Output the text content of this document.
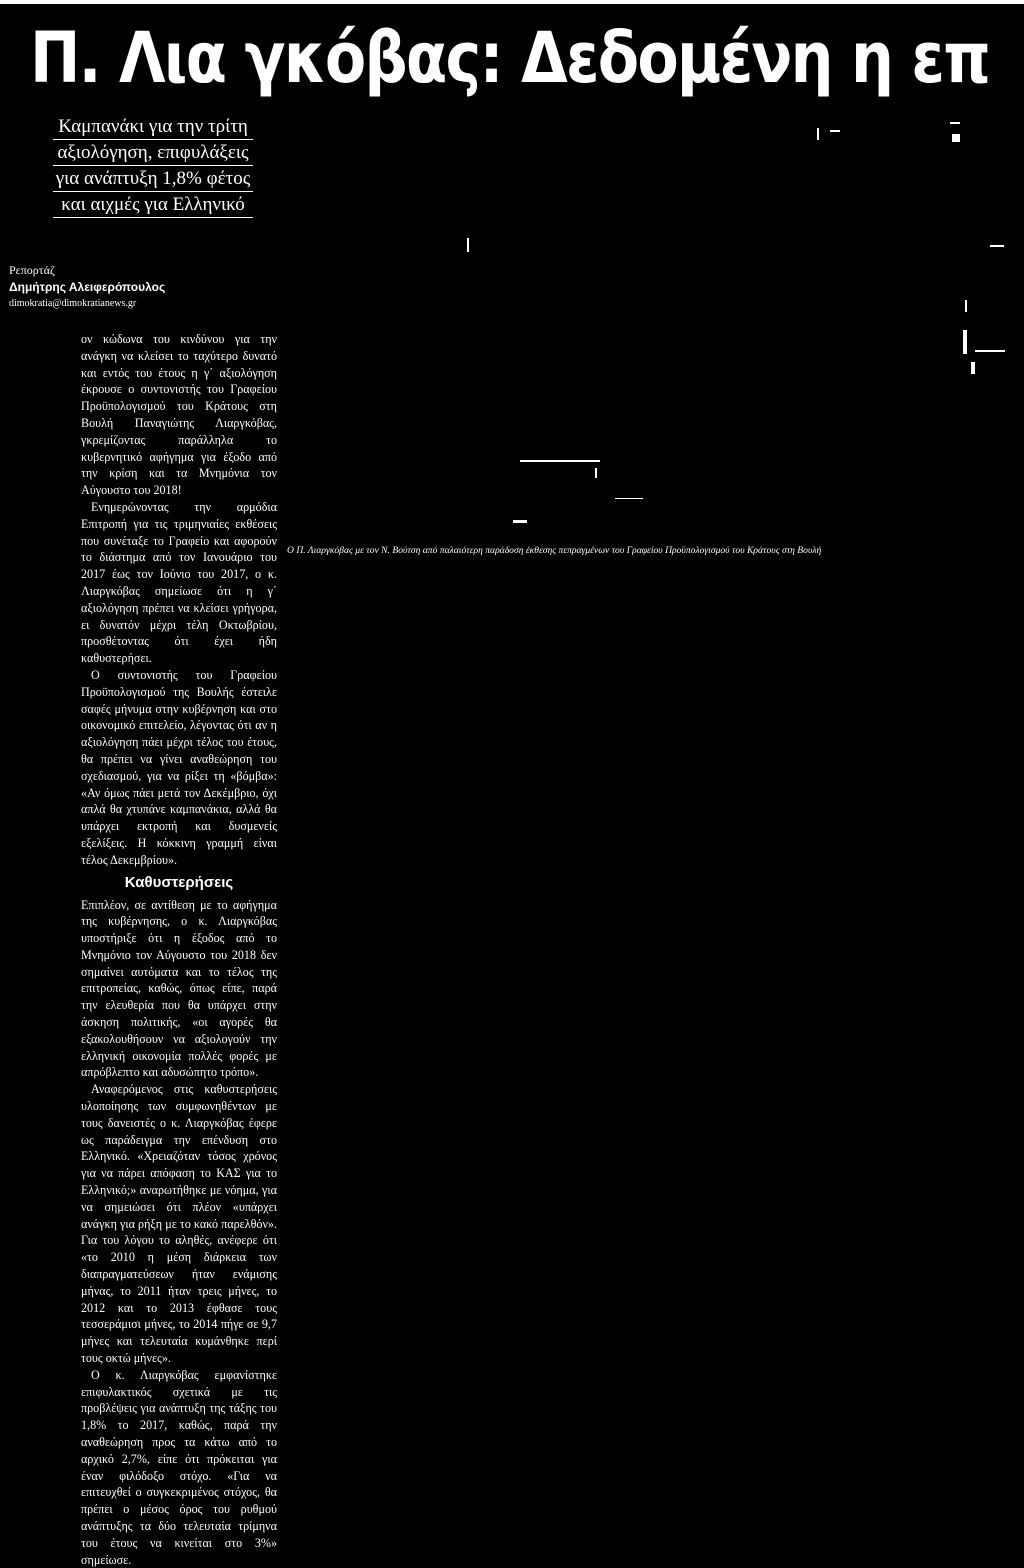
Π. Λια γκόβας: Δεδομένη η επ
Καμπανάκι για την τρίτη
αξιολόγηση, επιφυλάξεις
για ανάπτυξη 1,8% φέτος
και αιχμές για Ελληνικό
Ρεπορτάζ
Δημήτρης Αλειφερόπουλος
dimokratia@dimokratianews.gr

ον κώδωνα του κινδύνου για την ανάγκη να κλείσει το ταχύτερο δυνατό και εντός του έτους η γ΄ αξιολόγηση έκρουσε ο συντονιστής του Γραφείου Προϋπολογισμού του Κράτους στη Βουλή Παναγιώτης Λιαργκόβας, γκρεμίζοντας παράλληλα το κυβερνητικό αφήγημα για έξοδο από την κρίση και τα Μνημόνια τον Αύγουστο του 2018!

Ενημερώνοντας την αρμόδια Επιτροπή για τις τριμηνιαίες εκθέσεις που συνέταξε το Γραφείο και αφορούν το διάστημα από τον Ιανουάριο του 2017 έως τον Ιούνιο του 2017, ο κ. Λιαργκόβας σημείωσε ότι η γ΄ αξιολόγηση πρέπει να κλείσει γρήγορα, ει δυνατόν μέχρι τέλη Οκτωβρίου, προσθέτοντας ότι έχει ήδη καθυστερήσει.

Ο συντονιστής του Γραφείου Προϋπολογισμού της Βουλής έστειλε σαφές μήνυμα στην κυβέρνηση και στο οικονομικό επιτελείο, λέγοντας ότι αν η αξιολόγηση πάει μέχρι τέλος του έτους, θα πρέπει να γίνει αναθεώρηση του σχεδιασμού, για να ρίξει τη «βόμβα»: «Αν όμως πάει μετά τον Δεκέμβριο, όχι απλά θα χτυπάνε καμπανάκια, αλλά θα υπάρχει εκτροπή και δυσμενείς εξελίξεις. Η κόκκινη γραμμή είναι τέλος Δεκεμβρίου».

Καθυστερήσεις

Επιπλέον, σε αντίθεση με το αφήγημα της κυβέρνησης, ο κ. Λιαργκόβας υποστήριξε ότι η έξοδος από το Μνημόνιο τον Αύγουστο του 2018 δεν σημαίνει αυτόματα και το τέλος της επιτροπείας, καθώς, όπως είπε, παρά την ελευθερία που θα υπάρχει στην άσκηση πολιτικής, «οι αγορές θα εξακολουθήσουν να αξιολογούν την ελληνική οικονομία πολλές φορές με απρόβλεπτο και αδυσώπητο τρόπο».

Αναφερόμενος στις καθυστερήσεις υλοποίησης των συμφωνηθέντων με τους δανειστές ο κ. Λιαργκόβας έφερε ως παράδειγμα την επένδυση στο Ελληνικό. «Χρειαζόταν τόσος χρόνος για να πάρει απόφαση το ΚΑΣ για το Ελληνικό;» αναρωτήθηκε με νόημα, για να σημειώσει ότι πλέον «υπάρχει ανάγκη για ρήξη με το κακό παρελθόν». Για του λόγου το αληθές, ανέφερε ότι «το 2010 η μέση διάρκεια των διαπραγματεύσεων ήταν ενάμισης μήνας, το 2011 ήταν τρεις μήνες, το 2012 και το 2013 έφθασε τους τεσσεράμισι μήνες, το 2014 πήγε σε 9,7 μήνες και τελευταία κυμάνθηκε περί τους οκτώ μήνες».

Ο κ. Λιαργκόβας εμφανίστηκε επιφυλακτικός σχετικά με τις προβλέψεις για ανάπτυξη της τάξης του 1,8% το 2017, καθώς, παρά την αναθεώρηση προς τα κάτω από το αρχικό 2,7%, είπε ότι πρόκειται για έναν φιλόδοξο στόχο. «Για να επιτευχθεί ο συγκεκριμένος στόχος, θα πρέπει ο μέσος όρος του ρυθμού ανάπτυξης τα δύο τελευταία τρίμηνα του έτους να κινείται στο 3%» σημείωσε.

Ο Π. Λιαργκόβας με τον Ν. Βούτση από παλαιότερη παράδοση έκθεσης πεπραγμένων του Γραφείου Προϋπολογισμού του Κράτους στη Βουλή
